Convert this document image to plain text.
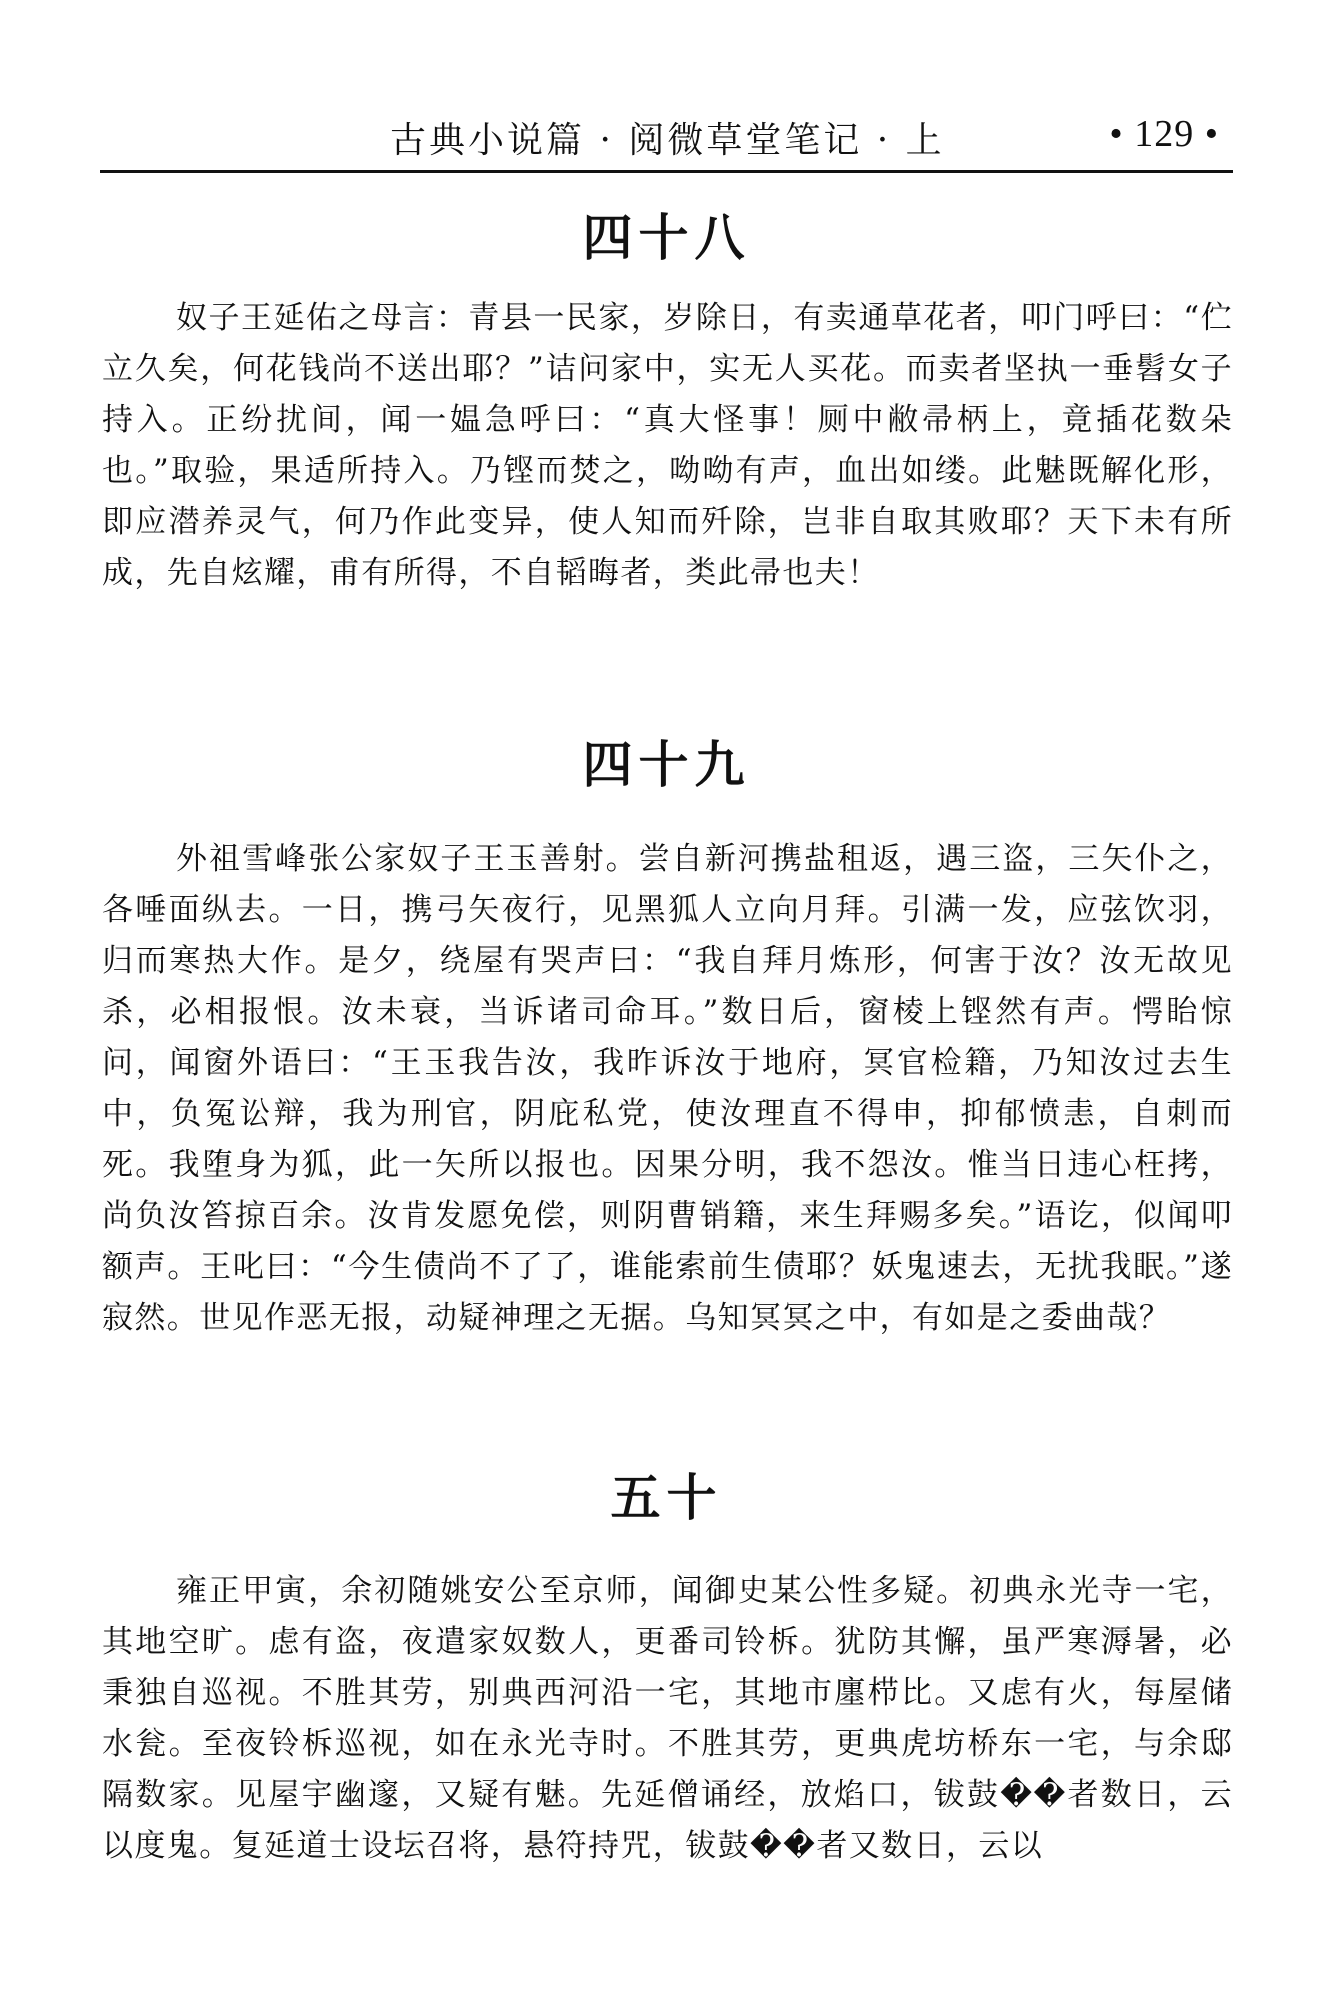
古典小说篇 · 阅微草堂笔记 · 上	• 129 •
四十八

奴子王延佑之母言：青县一民家，岁除日，有卖通草花者，叩门呼曰：“伫立久矣，何花钱尚不送出耶？”诘问家中，实无人买花。而卖者坚执一垂髫女子持入。正纷扰间，闻一媪急呼曰：“真大怪事！厕中敝帚柄上，竟插花数朵也。”取验，果适所持入。乃铿而焚之，呦呦有声，血出如缕。此魅既解化形，即应潜养灵气，何乃作此变异，使人知而歼除，岂非自取其败耶？天下未有所成，先自炫耀，甫有所得，不自韬晦者，类此帚也夫！

四十九

外祖雪峰张公家奴子王玉善射。尝自新河携盐租返，遇三盗，三矢仆之，各唾面纵去。一日，携弓矢夜行，见黑狐人立向月拜。引满一发，应弦饮羽，归而寒热大作。是夕，绕屋有哭声曰：“我自拜月炼形，何害于汝？汝无故见杀，必相报恨。汝未衰，当诉诸司命耳。”数日后，窗棱上铿然有声。愕眙惊问，闻窗外语曰：“王玉我告汝，我昨诉汝于地府，冥官检籍，乃知汝过去生中，负冤讼辩，我为刑官，阴庇私党，使汝理直不得申，抑郁愤恚，自刺而死。我堕身为狐，此一矢所以报也。因果分明，我不怨汝。惟当日违心枉拷，尚负汝笞掠百余。汝肯发愿免偿，则阴曹销籍，来生拜赐多矣。”语讫，似闻叩额声。王叱曰：“今生债尚不了了，谁能索前生债耶？妖鬼速去，无扰我眠。”遂寂然。世见作恶无报，动疑神理之无据。乌知冥冥之中，有如是之委曲哉？

五十

雍正甲寅，余初随姚安公至京师，闻御史某公性多疑。初典永光寺一宅，其地空旷。虑有盗，夜遣家奴数人，更番司铃柝。犹防其懈，虽严寒溽暑，必秉独自巡视。不胜其劳，别典西河沿一宅，其地市廛栉比。又虑有火，每屋储水瓮。至夜铃柝巡视，如在永光寺时。不胜其劳，更典虎坊桥东一宅，与余邸隔数家。见屋宇幽邃，又疑有魅。先延僧诵经，放焰口，钹鼓��者数日，云以度鬼。复延道士设坛召将，悬符持咒，钹鼓��者又数日，云以
